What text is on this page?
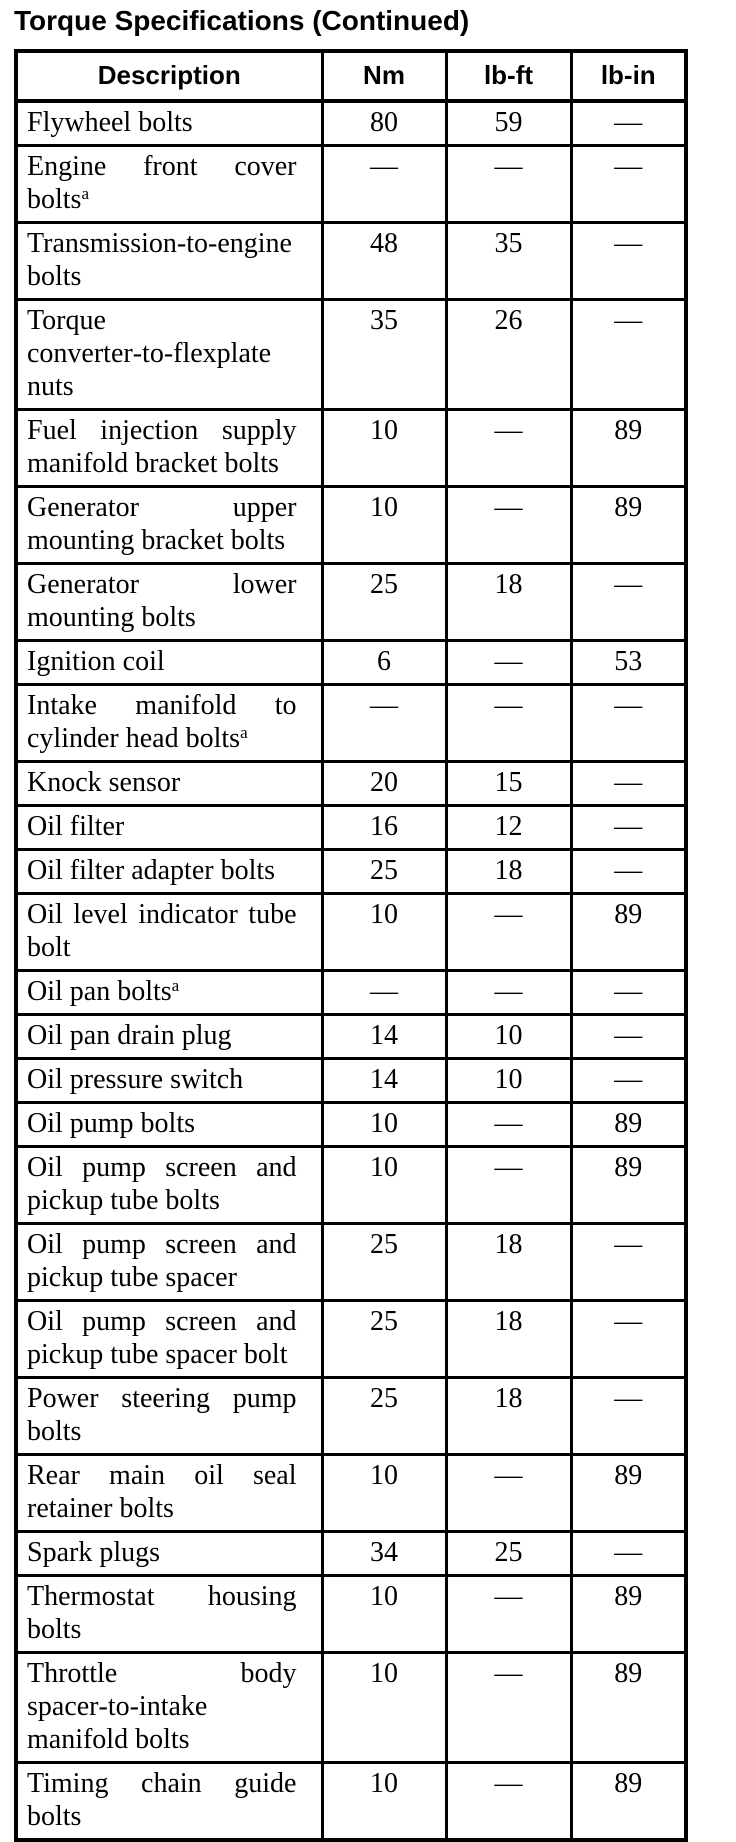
Torque Specifications (Continued)
Description	Nm	lb-ft	lb-in
Flywheel bolts	80	59	—
Engine front cover bolts$^a$	—	—	—
Transmission‑to‑engine bolts	48	35	—
Torque converter‑to‑flexplate nuts	35	26	—
Fuel injection supply manifold bracket bolts	10	—	89
Generator upper mounting bracket bolts	10	—	89
Generator lower mounting bolts	25	18	—
Ignition coil	6	—	53
Intake manifold to cylinder head bolts$^a$	—	—	—
Knock sensor	20	15	—
Oil filter	16	12	—
Oil filter adapter bolts	25	18	—
Oil level indicator tube bolt	10	—	89
Oil pan bolts$^a$	—	—	—
Oil pan drain plug	14	10	—
Oil pressure switch	14	10	—
Oil pump bolts	10	—	89
Oil pump screen and pickup tube bolts	10	—	89
Oil pump screen and pickup tube spacer	25	18	—
Oil pump screen and pickup tube spacer bolt	25	18	—
Power steering pump bolts	25	18	—
Rear main oil seal retainer bolts	10	—	89
Spark plugs	34	25	—
Thermostat housing bolts	10	—	89
Throttle body spacer‑to‑intake manifold bolts	10	—	89
Timing chain guide bolts	10	—	89
